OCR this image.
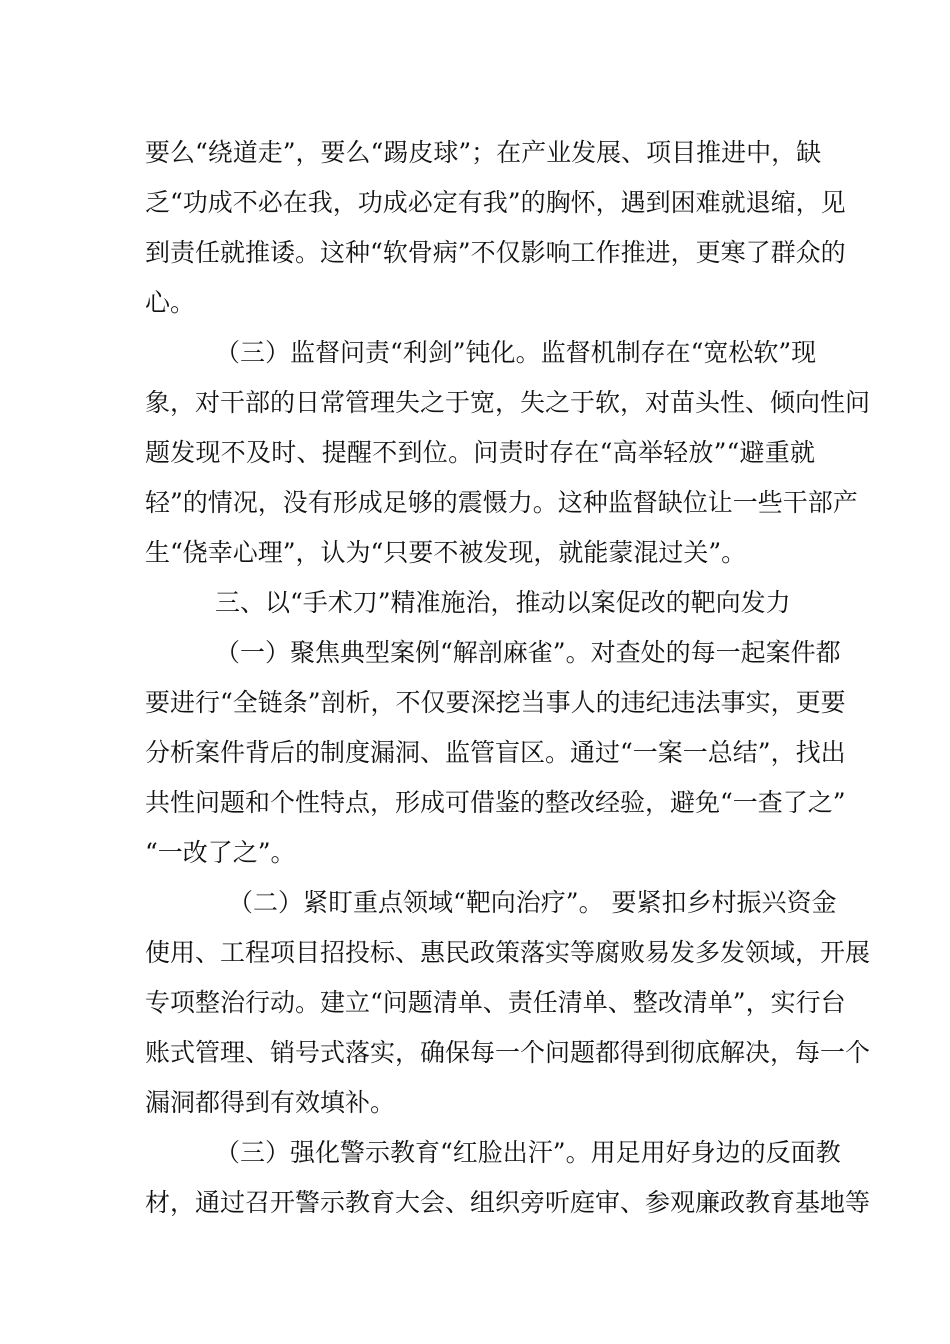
要么“绕道走”，要么“踢皮球”；在产业发展、项目推进中，缺
乏“功成不必在我，功成必定有我”的胸怀，遇到困难就退缩，见
到责任就推诿。这种“软骨病”不仅影响工作推进，更寒了群众的
心。
（三）监督问责“利剑”钝化。监督机制存在“宽松软”现
象，对干部的日常管理失之于宽，失之于软，对苗头性、倾向性问
题发现不及时、提醒不到位。问责时存在“高举轻放”“避重就
轻”的情况，没有形成足够的震慑力。这种监督缺位让一些干部产
生“侥幸心理”，认为“只要不被发现，就能蒙混过关”。
三、以“手术刀”精准施治，推动以案促改的靶向发力
（一）聚焦典型案例“解剖麻雀”。对查处的每一起案件都
要进行“全链条”剖析，不仅要深挖当事人的违纪违法事实，更要
分析案件背后的制度漏洞、监管盲区。通过“一案一总结”，找出
共性问题和个性特点，形成可借鉴的整改经验，避免“一查了之”
“一改了之”。
（二）紧盯重点领域“靶向治疗”。 要紧扣乡村振兴资金
使用、工程项目招投标、惠民政策落实等腐败易发多发领域，开展
专项整治行动。建立“问题清单、责任清单、整改清单”，实行台
账式管理、销号式落实，确保每一个问题都得到彻底解决，每一个
漏洞都得到有效填补。
（三）强化警示教育“红脸出汗”。用足用好身边的反面教
材，通过召开警示教育大会、组织旁听庭审、参观廉政教育基地等
